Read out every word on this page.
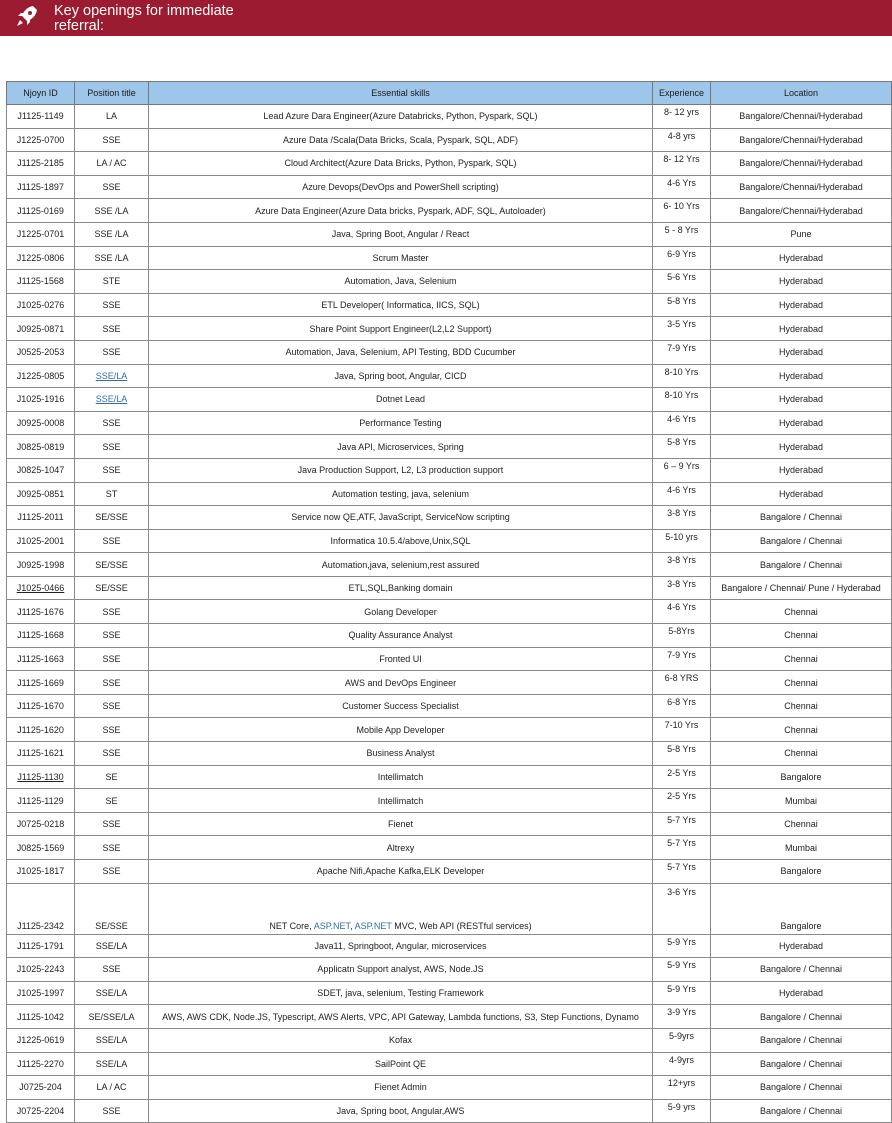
Key openings for immediate
referral:
Njoyn ID	Position title	Essential skills	Experience	Location
J1125-1149	LA	Lead Azure Dara Engineer(Azure Databricks, Python, Pyspark, SQL)	8- 12 yrs	Bangalore/Chennai/Hyderabad
J1225-0700	SSE	Azure Data /Scala(Data Bricks, Scala, Pyspark, SQL, ADF)	4-8 yrs	Bangalore/Chennai/Hyderabad
J1125-2185	LA / AC	Cloud Architect(Azure Data Bricks, Python, Pyspark, SQL)	8- 12 Yrs	Bangalore/Chennai/Hyderabad
J1125-1897	SSE	Azure Devops(DevOps and PowerShell scripting)	4-6 Yrs	Bangalore/Chennai/Hyderabad
J1125-0169	SSE /LA	Azure Data Engineer(Azure Data bricks, Pyspark, ADF, SQL, Autoloader)	6- 10 Yrs	Bangalore/Chennai/Hyderabad
J1225-0701	SSE /LA	Java, Spring Boot, Angular / React	5 - 8 Yrs	Pune
J1225-0806	SSE /LA	Scrum Master	6-9 Yrs	Hyderabad
J1125-1568	STE	Automation, Java, Selenium	5-6 Yrs	Hyderabad
J1025-0276	SSE	ETL Developer( Informatica, IICS, SQL)	5-8 Yrs	Hyderabad
J0925-0871	SSE	Share Point Support Engineer(L2,L2 Support)	3-5 Yrs	Hyderabad
J0525-2053	SSE	Automation, Java, Selenium, API Testing, BDD Cucumber	7-9 Yrs	Hyderabad
J1225-0805	SSE/LA	Java, Spring boot, Angular, CICD	8-10 Yrs	Hyderabad
J1025-1916	SSE/LA	Dotnet Lead	8-10 Yrs	Hyderabad
J0925-0008	SSE	Performance Testing	4-6 Yrs	Hyderabad
J0825-0819	SSE	Java API, Microservices, Spring	5-8 Yrs	Hyderabad
J0825-1047	SSE	Java Production Support, L2, L3 production support	6 – 9 Yrs	Hyderabad
J0925-0851	ST	Automation testing, java, selenium	4-6 Yrs	Hyderabad
J1125-2011	SE/SSE	Service now QE,ATF, JavaScript, ServiceNow scripting	3-8 Yrs	Bangalore / Chennai
J1025-2001	SSE	Informatica 10.5.4/above,Unix,SQL	5-10 yrs	Bangalore / Chennai
J0925-1998	SE/SSE	Automation,java, selenium,rest assured	3-8 Yrs	Bangalore / Chennai
J1025-0466	SE/SSE	ETL,SQL,Banking domain	3-8 Yrs	Bangalore / Chennai/ Pune / Hyderabad
J1125-1676	SSE	Golang Developer	4-6 Yrs	Chennai
J1125-1668	SSE	Quality Assurance Analyst	5-8Yrs	Chennai
J1125-1663	SSE	Fronted UI	7-9 Yrs	Chennai
J1125-1669	SSE	AWS and DevOps Engineer	6-8 YRS	Chennai
J1125-1670	SSE	Customer Success Specialist	6-8 Yrs	Chennai
J1125-1620	SSE	Mobile App Developer	7-10 Yrs	Chennai
J1125-1621	SSE	Business Analyst	5-8 Yrs	Chennai
J1125-1130	SE	Intellimatch	2-5 Yrs	Bangalore
J1125-1129	SE	Intellimatch	2-5 Yrs	Mumbai
J0725-0218	SSE	Fienet	5-7 Yrs	Chennai
J0825-1569	SSE	Altrexy	5-7 Yrs	Mumbai
J1025-1817	SSE	Apache Nifi,Apache Kafka,ELK Developer	5-7 Yrs	Bangalore
J1125-2342	SE/SSE	NET Core, ASP.NET, ASP.NET MVC, Web API (RESTful services)	3-6 Yrs	Bangalore
J1125-1791	SSE/LA	Java11, Springboot, Angular, microservices	5-9 Yrs	Hyderabad
J1025-2243	SSE	Applicatn Support analyst, AWS, Node.JS	5-9 Yrs	Bangalore / Chennai
J1025-1997	SSE/LA	SDET, java, selenium, Testing Framework	5-9 Yrs	Hyderabad
J1125-1042	SE/SSE/LA	AWS, AWS CDK, Node.JS, Typescript, AWS Alerts, VPC, API Gateway, Lambda functions, S3, Step Functions, Dynamo	3-9 Yrs	Bangalore / Chennai
J1225-0619	SSE/LA	Kofax	5-9yrs	Bangalore / Chennai
J1125-2270	SSE/LA	SailPoint QE	4-9yrs	Bangalore / Chennai
J0725-204	LA / AC	Fienet Admin	12+yrs	Bangalore / Chennai
J0725-2204	SSE	Java, Spring boot, Angular,AWS	5-9 yrs	Bangalore / Chennai
